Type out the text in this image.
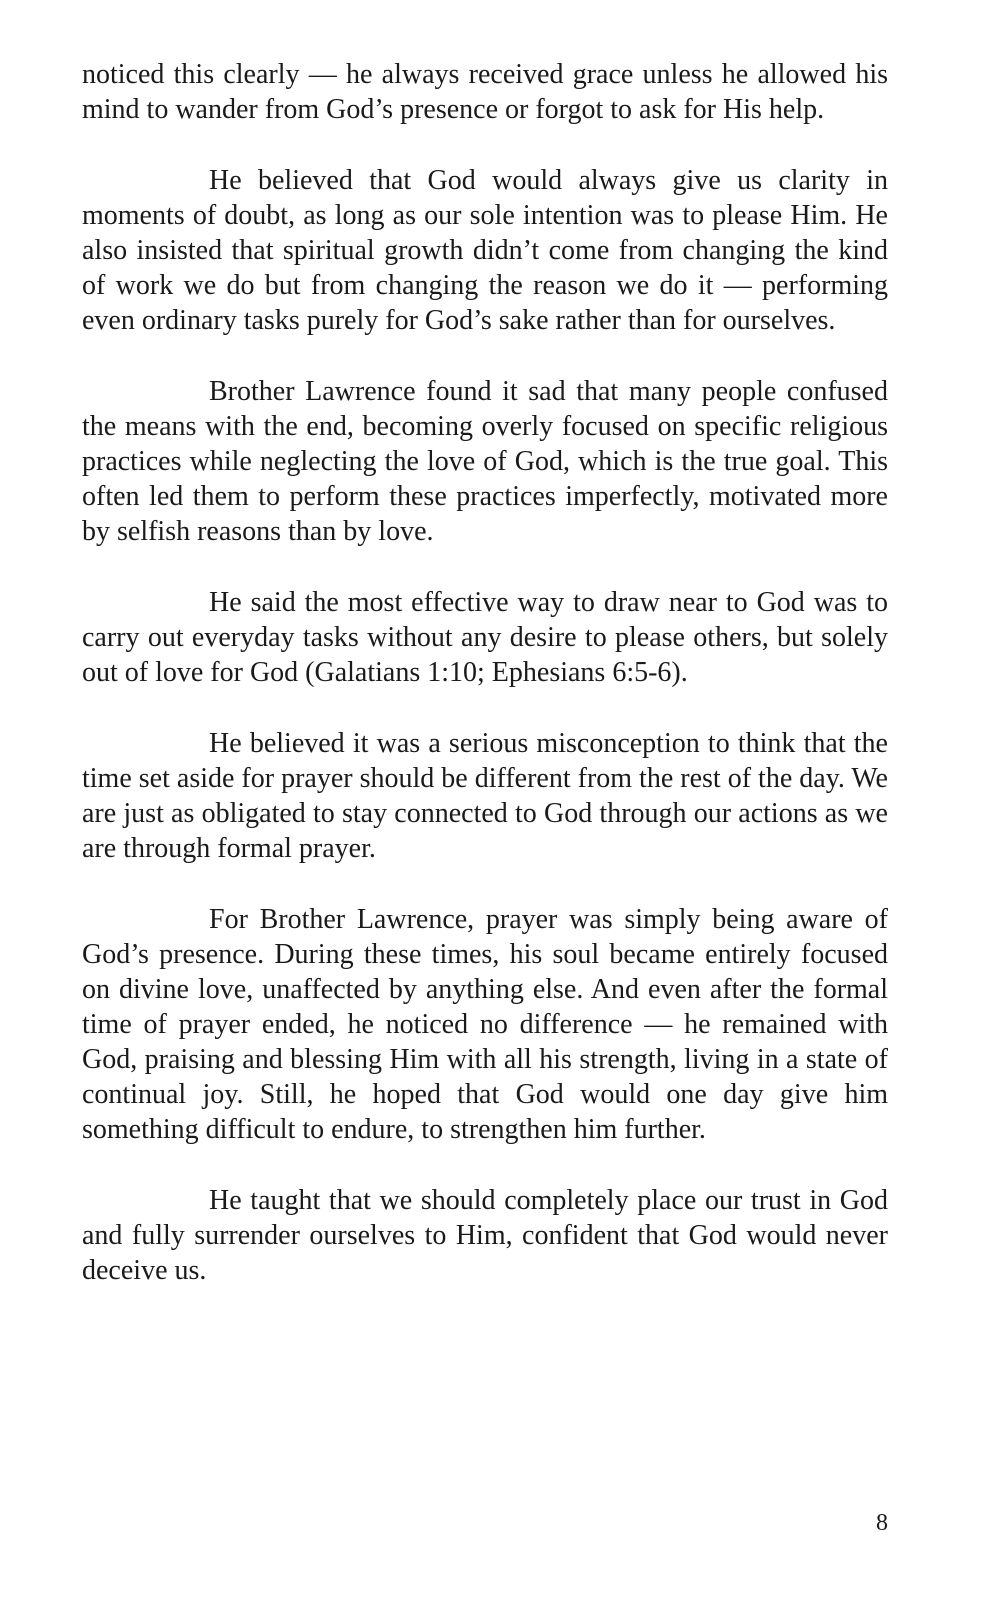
noticed this clearly — he always received grace unless he allowed his mind to wander from God’s presence or forgot to ask for His help.

He believed that God would always give us clarity in moments of doubt, as long as our sole intention was to please Him. He also insisted that spiritual growth didn’t come from changing the kind of work we do but from changing the reason we do it — performing even ordinary tasks purely for God’s sake rather than for ourselves.

Brother Lawrence found it sad that many people confused the means with the end, becoming overly focused on specific religious practices while neglecting the love of God, which is the true goal. This often led them to perform these practices imperfectly, motivated more by selfish reasons than by love.

He said the most effective way to draw near to God was to carry out everyday tasks without any desire to please others, but solely out of love for God (Galatians 1:10; Ephesians 6:5-6).

He believed it was a serious misconception to think that the time set aside for prayer should be different from the rest of the day. We are just as obligated to stay connected to God through our actions as we are through formal prayer.

For Brother Lawrence, prayer was simply being aware of God’s presence. During these times, his soul became entirely focused on divine love, unaffected by anything else. And even after the formal time of prayer ended, he noticed no difference — he remained with God, praising and blessing Him with all his strength, living in a state of continual joy. Still, he hoped that God would one day give him something difficult to endure, to strengthen him further.

He taught that we should completely place our trust in God and fully surrender ourselves to Him, confident that God would never deceive us.

8
